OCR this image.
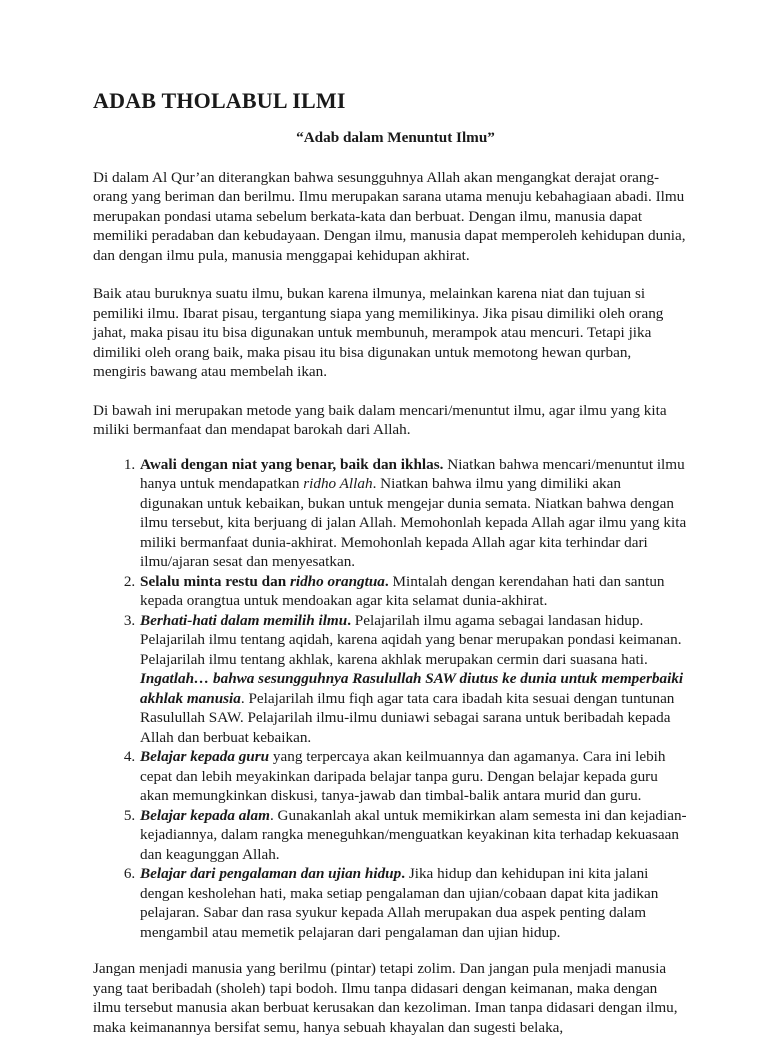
ADAB THOLABUL ILMI
“Adab dalam Menuntut Ilmu”

Di dalam Al Qur’an diterangkan bahwa sesungguhnya Allah akan mengangkat derajat orang-orang yang beriman dan berilmu. Ilmu merupakan sarana utama menuju kebahagiaan abadi. Ilmu merupakan pondasi utama sebelum berkata-kata dan berbuat. Dengan ilmu, manusia dapat memiliki peradaban dan kebudayaan. Dengan ilmu, manusia dapat memperoleh kehidupan dunia, dan dengan ilmu pula, manusia menggapai kehidupan akhirat.

Baik atau buruknya suatu ilmu, bukan karena ilmunya, melainkan karena niat dan tujuan si pemiliki ilmu. Ibarat pisau, tergantung siapa yang memilikinya. Jika pisau dimiliki oleh orang jahat, maka pisau itu bisa digunakan untuk membunuh, merampok atau mencuri. Tetapi jika dimiliki oleh orang baik, maka pisau itu bisa digunakan untuk memotong hewan qurban, mengiris bawang atau membelah ikan.

Di bawah ini merupakan metode yang baik dalam mencari/menuntut ilmu, agar ilmu yang kita miliki bermanfaat dan mendapat barokah dari Allah.

1. Awali dengan niat yang benar, baik dan ikhlas. Niatkan bahwa mencari/menuntut ilmu hanya untuk mendapatkan ridho Allah. Niatkan bahwa ilmu yang dimiliki akan digunakan untuk kebaikan, bukan untuk mengejar dunia semata. Niatkan bahwa dengan ilmu tersebut, kita berjuang di jalan Allah. Memohonlah kepada Allah agar ilmu yang kita miliki bermanfaat dunia-akhirat. Memohonlah kepada Allah agar kita terhindar dari ilmu/ajaran sesat dan menyesatkan.
2. Selalu minta restu dan ridho orangtua. Mintalah dengan kerendahan hati dan santun kepada orangtua untuk mendoakan agar kita selamat dunia-akhirat.
3. Berhati-hati dalam memilih ilmu. Pelajarilah ilmu agama sebagai landasan hidup. Pelajarilah ilmu tentang aqidah, karena aqidah yang benar merupakan pondasi keimanan. Pelajarilah ilmu tentang akhlak, karena akhlak merupakan cermin dari suasana hati. Ingatlah… bahwa sesungguhnya Rasulullah SAW diutus ke dunia untuk memperbaiki akhlak manusia. Pelajarilah ilmu fiqh agar tata cara ibadah kita sesuai dengan tuntunan Rasulullah SAW. Pelajarilah ilmu-ilmu duniawi sebagai sarana untuk beribadah kepada Allah dan berbuat kebaikan.
4. Belajar kepada guru yang terpercaya akan keilmuannya dan agamanya. Cara ini lebih cepat dan lebih meyakinkan daripada belajar tanpa guru. Dengan belajar kepada guru akan memungkinkan diskusi, tanya-jawab dan timbal-balik antara murid dan guru.
5. Belajar kepada alam. Gunakanlah akal untuk memikirkan alam semesta ini dan kejadian-kejadiannya, dalam rangka meneguhkan/menguatkan keyakinan kita terhadap kekuasaan dan keagunggan Allah.
6. Belajar dari pengalaman dan ujian hidup. Jika hidup dan kehidupan ini kita jalani dengan kesholehan hati, maka setiap pengalaman dan ujian/cobaan dapat kita jadikan pelajaran. Sabar dan rasa syukur kepada Allah merupakan dua aspek penting dalam mengambil atau memetik pelajaran dari pengalaman dan ujian hidup.

Jangan menjadi manusia yang berilmu (pintar) tetapi zolim. Dan jangan pula menjadi manusia yang taat beribadah (sholeh) tapi bodoh. Ilmu tanpa didasari dengan keimanan, maka dengan ilmu tersebut manusia akan berbuat kerusakan dan kezoliman. Iman tanpa didasari dengan ilmu, maka keimanannya bersifat semu, hanya sebuah khayalan dan sugesti belaka,
